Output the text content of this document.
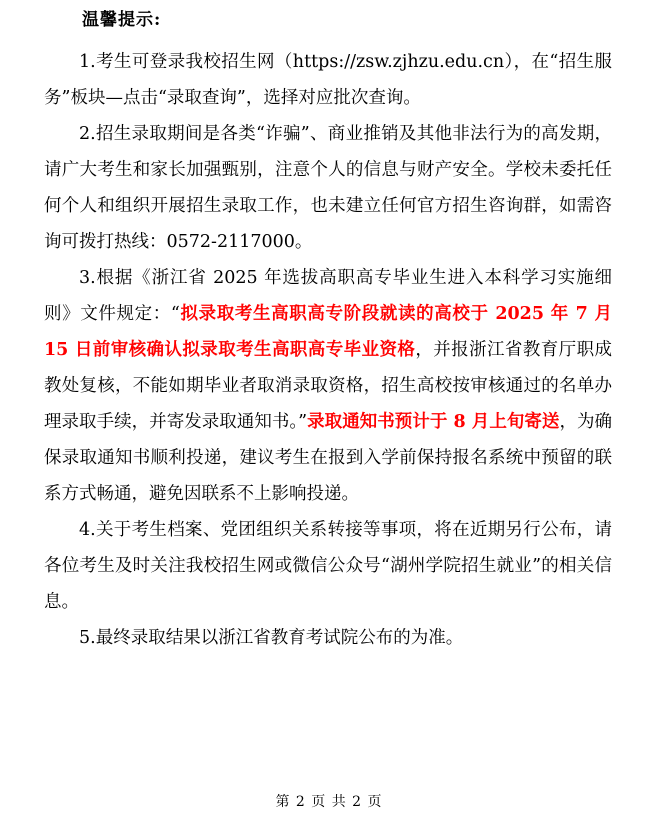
温馨提示:

1.考生可登录我校招生网（https://zsw.zjhzu.edu.cn），在“招生服务”板块—点击“录取查询”，选择对应批次查询。

2.招生录取期间是各类“诈骗”、商业推销及其他非法行为的高发期，请广大考生和家长加强甄别，注意个人的信息与财产安全。学校未委托任何个人和组织开展招生录取工作，也未建立任何官方招生咨询群，如需咨询可拨打热线：0572-2117000。

3.根据《浙江省 2025 年选拔高职高专毕业生进入本科学习实施细则》文件规定：“拟录取考生高职高专阶段就读的高校于 2025 年 7 月 15 日前审核确认拟录取考生高职高专毕业资格，并报浙江省教育厅职成教处复核，不能如期毕业者取消录取资格，招生高校按审核通过的名单办理录取手续，并寄发录取通知书。”录取通知书预计于 8 月上旬寄送，为确保录取通知书顺利投递，建议考生在报到入学前保持报名系统中预留的联系方式畅通，避免因联系不上影响投递。

4.关于考生档案、党团组织关系转接等事项，将在近期另行公布，请各位考生及时关注我校招生网或微信公众号“湖州学院招生就业”的相关信息。

5.最终录取结果以浙江省教育考试院公布的为准。

第 2 页 共 2 页
